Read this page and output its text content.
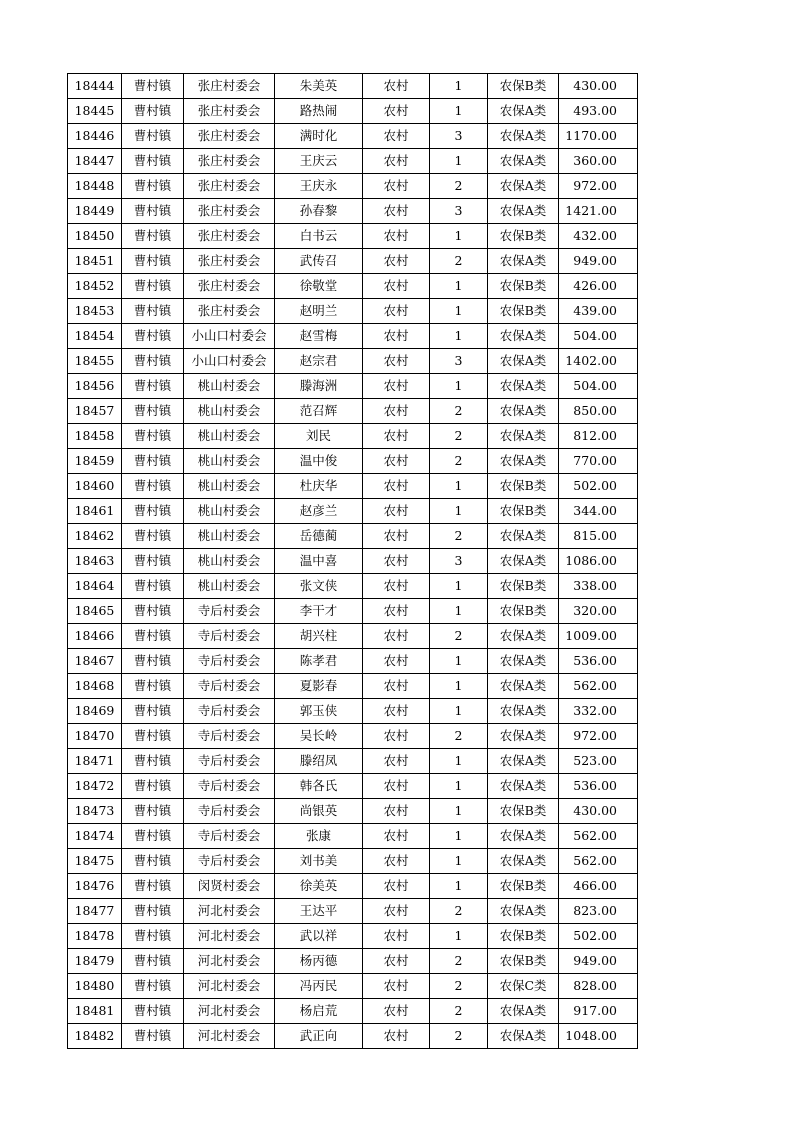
18444	曹村镇	张庄村委会	朱美英	农村	1	农保B类	430.00
18445	曹村镇	张庄村委会	路热闹	农村	1	农保A类	493.00
18446	曹村镇	张庄村委会	满时化	农村	3	农保A类	1170.00
18447	曹村镇	张庄村委会	王庆云	农村	1	农保A类	360.00
18448	曹村镇	张庄村委会	王庆永	农村	2	农保A类	972.00
18449	曹村镇	张庄村委会	孙春黎	农村	3	农保A类	1421.00
18450	曹村镇	张庄村委会	白书云	农村	1	农保B类	432.00
18451	曹村镇	张庄村委会	武传召	农村	2	农保A类	949.00
18452	曹村镇	张庄村委会	徐敬堂	农村	1	农保B类	426.00
18453	曹村镇	张庄村委会	赵明兰	农村	1	农保B类	439.00
18454	曹村镇	小山口村委会	赵雪梅	农村	1	农保A类	504.00
18455	曹村镇	小山口村委会	赵宗君	农村	3	农保A类	1402.00
18456	曹村镇	桃山村委会	滕海洲	农村	1	农保A类	504.00
18457	曹村镇	桃山村委会	范召辉	农村	2	农保A类	850.00
18458	曹村镇	桃山村委会	刘民	农村	2	农保A类	812.00
18459	曹村镇	桃山村委会	温中俊	农村	2	农保A类	770.00
18460	曹村镇	桃山村委会	杜庆华	农村	1	农保B类	502.00
18461	曹村镇	桃山村委会	赵彦兰	农村	1	农保B类	344.00
18462	曹村镇	桃山村委会	岳德蔺	农村	2	农保A类	815.00
18463	曹村镇	桃山村委会	温中喜	农村	3	农保A类	1086.00
18464	曹村镇	桃山村委会	张文侠	农村	1	农保B类	338.00
18465	曹村镇	寺后村委会	李干才	农村	1	农保B类	320.00
18466	曹村镇	寺后村委会	胡兴柱	农村	2	农保A类	1009.00
18467	曹村镇	寺后村委会	陈孝君	农村	1	农保A类	536.00
18468	曹村镇	寺后村委会	夏影春	农村	1	农保A类	562.00
18469	曹村镇	寺后村委会	郭玉侠	农村	1	农保A类	332.00
18470	曹村镇	寺后村委会	吴长岭	农村	2	农保A类	972.00
18471	曹村镇	寺后村委会	滕绍凤	农村	1	农保A类	523.00
18472	曹村镇	寺后村委会	韩各氏	农村	1	农保A类	536.00
18473	曹村镇	寺后村委会	尚银英	农村	1	农保B类	430.00
18474	曹村镇	寺后村委会	张康	农村	1	农保A类	562.00
18475	曹村镇	寺后村委会	刘书美	农村	1	农保A类	562.00
18476	曹村镇	闵贤村委会	徐美英	农村	1	农保B类	466.00
18477	曹村镇	河北村委会	王达平	农村	2	农保A类	823.00
18478	曹村镇	河北村委会	武以祥	农村	1	农保B类	502.00
18479	曹村镇	河北村委会	杨丙德	农村	2	农保B类	949.00
18480	曹村镇	河北村委会	冯丙民	农村	2	农保C类	828.00
18481	曹村镇	河北村委会	杨启荒	农村	2	农保A类	917.00
18482	曹村镇	河北村委会	武正向	农村	2	农保A类	1048.00
